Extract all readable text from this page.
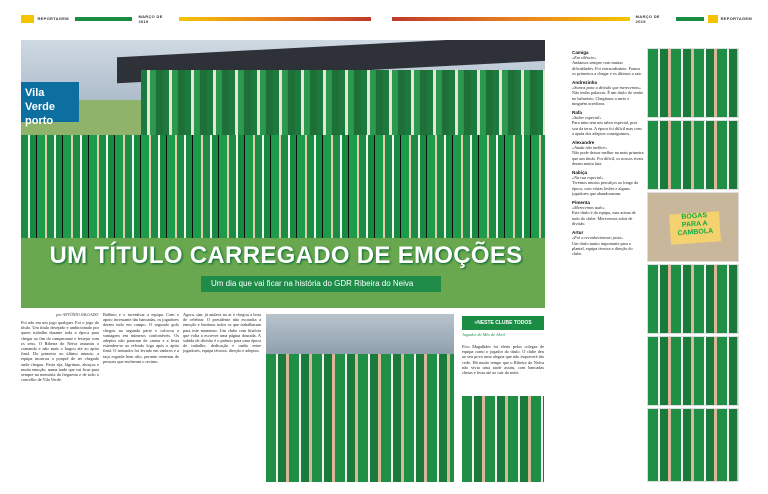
REPORTAGEM	MARÇO DE 2019
MARÇO DE 2019	REPORTAGEM
Vila Verde
porto
UM TÍTULO CARREGADO DE EMOÇÕES
Um dia que vai ficar na história do GDR Ribeira do Neiva
por ANTÓNIO SALGADO
Foi não em um jogo qualquer. Foi o jogo do título. Um título desejado e ambicionado por quem trabalha durante toda a época para chegar ao fim do campeonato e festejar com os seus. O Ribeira do Neiva assumiu o comando e não mais o largou até ao apito final. Do primeiro ao último minuto, a equipa mostrou o porquê de ter chegado onde chegou. Festa rija, lágrimas, abraços e muita emoção, numa tarde que vai ficar para sempre na memória da freguesia e de todo o concelho de Vila Verde.
Balbino e o incentivar a equipa. Com o apoio incessante das bancadas, os jogadores deram tudo em campo. O segundo golo chegou na segunda parte e colocou a vantagem em números confortáveis. Os adeptos não pararam de cantar e a festa estendeu-se ao relvado logo após o apito final. O treinador foi levado em ombros e a taça erguida bem alto, perante centenas de pessoas que encheram o recinto.
Agora, sim, já andava no ar e chegou a hora de celebrar. O presidente não escondia a emoção e lembrou todos os que trabalharam para este momento. Um clube com história que volta a escrever uma página dourada. A subida de divisão é o prémio para uma época de trabalho, dedicação e união entre jogadores, equipa técnica, direção e adeptos.
«NESTE CLUBE TODOS CONTAM»
Jogador do Mês de Abril
Fico Magalhães foi eleito pelos colegas de equipa como o jogador do título. O clube deu ao seu povo uma alegria que não esquecerá tão cedo. Há muito tempo que o Ribeira do Neiva não vivia uma tarde assim, com bancadas cheias e festa até ao cair da noite.
Camiga
«Em silêncio»
Andamos sempre com muitas dificuldades. Foi extraordinário. Fomos os primeiros a chegar e os últimos a sair.
Andrezinho
«Somos para a divisão que merecemos»
Não tenho palavras. É um título do senão no balneário. Chegámos a meio e ninguém acreditou.
Rafa
«Saber especial»
Para mim tem um sabor especial, pois sou da terra. A época foi difícil mas com a ajuda dos adeptos conseguimos.
Alexandre
«Ainda não melhor»
Não pode deixar melhor na mais primeira que um título. Foi difícil, os nossos rivais deram muita luta.
Nabiça
«Na rua especial»
Tivemos muitos percalços ao longo da época, com várias lesões e alguns jogadores que abandonaram.
Pimenta
«Merecemos tudo»
Este título é da equipa, mas acima de tudo do clube. Merecemos subir de divisão.
Artur
«Foi o reconhecimento justo»
Um título muito importante para o plantel, equipa técnica e direção do clube.
BOGAS
PARA A
CAMBOLA
